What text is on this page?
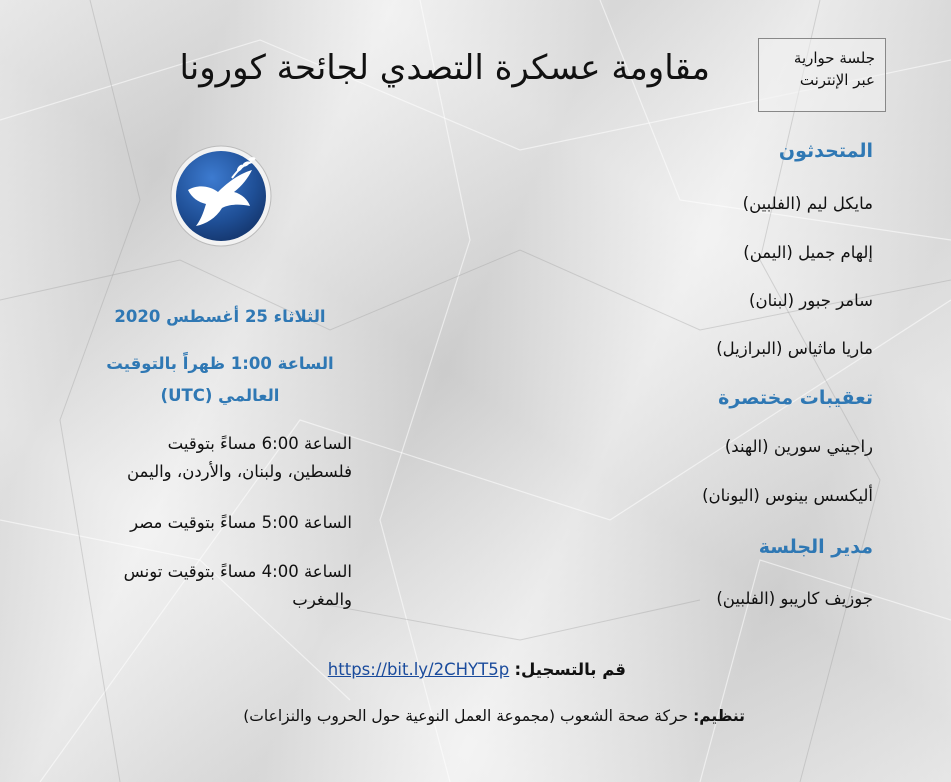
مقاومة عسكرة التصدي لجائحة كورونا	جلسة حوارية
عبر الإنترنت
المتحدثون
مايكل ليم (الفلبين)
إلهام جميل (اليمن)
سامر جبور (لبنان)
ماريا ماثياس (البرازيل)
تعقيبات مختصرة
راجيني سورين (الهند)
أليكسس بينوس (اليونان)
مدير الجلسة
جوزيف كاريبو (الفلبين)
الثلاثاء 25 أغسطس 2020
الساعة 1:00 ظهراً بالتوقيت
العالمي (UTC)
الساعة 6:00 مساءً بتوقيت
فلسطين، ولبنان، والأردن، واليمن
الساعة 5:00 مساءً بتوقيت مصر
الساعة 4:00 مساءً بتوقيت تونس
والمغرب
قم بالتسجيل: https://bit.ly/2CHYT5p
تنظيم: حركة صحة الشعوب (مجموعة العمل النوعية حول الحروب والنزاعات)
